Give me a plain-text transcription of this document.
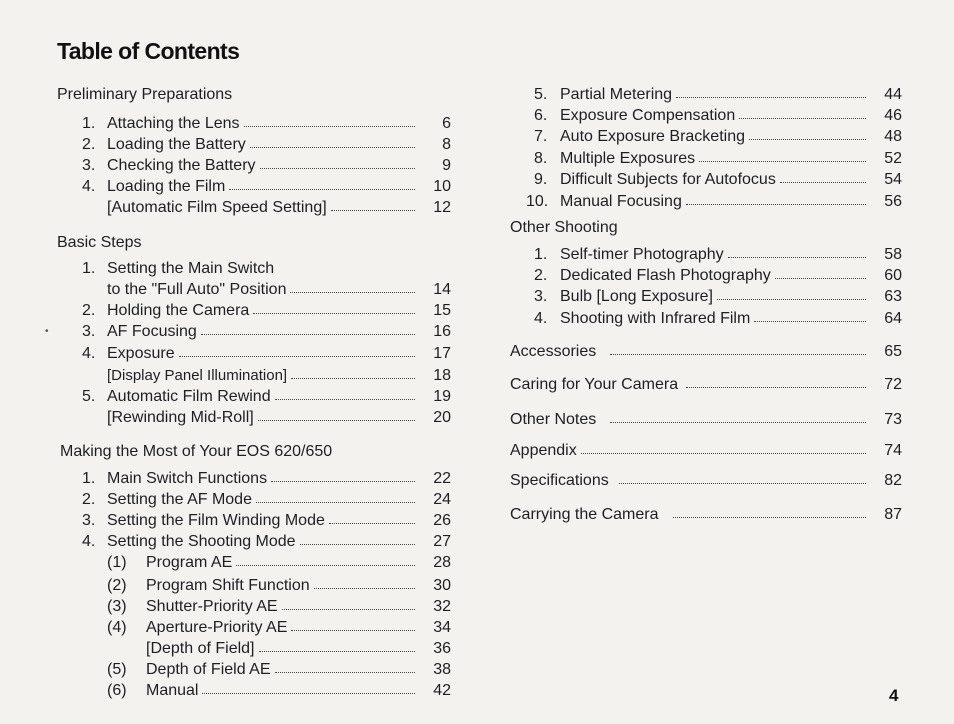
Table of Contents
Preliminary Preparations
1. Attaching the Lens	6
2. Loading the Battery	8
3. Checking the Battery	9
4. Loading the Film	10
[Automatic Film Speed Setting]	12
Basic Steps
1. Setting the Main Switch
to the "Full Auto" Position	14
2. Holding the Camera	15
3. AF Focusing	16
4. Exposure	17
[Display Panel Illumination]	18
5. Automatic Film Rewind	19
[Rewinding Mid-Roll]	20
Making the Most of Your EOS 620/650
1. Main Switch Functions	22
2. Setting the AF Mode	24
3. Setting the Film Winding Mode	26
4. Setting the Shooting Mode	27
(1)	Program AE	28
(2)	Program Shift Function	30
(3)	Shutter-Priority AE	32
(4)	Aperture-Priority AE	34
[Depth of Field]	36
(5)	Depth of Field AE	38
(6)	Manual	42
5. Partial Metering	44
6. Exposure Compensation	46
7. Auto Exposure Bracketing	48
8. Multiple Exposures	52
9. Difficult Subjects for Autofocus	54
10. Manual Focusing	56
Other Shooting
1. Self-timer Photography	58
2. Dedicated Flash Photography	60
3. Bulb [Long Exposure]	63
4. Shooting with Infrared Film	64
Accessories	65
Caring for Your Camera	72
Other Notes	73
Appendix	74
Specifications	82
Carrying the Camera	87
•
4
